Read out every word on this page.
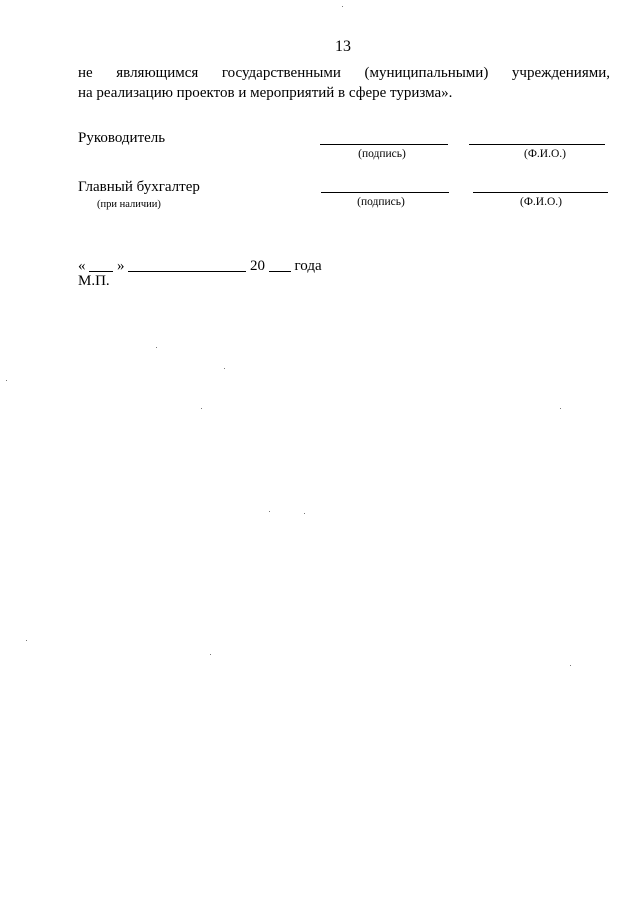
13
не являющимся государственными (муниципальными) учреждениями,
на реализацию проектов и мероприятий в сфере туризма».
Руководитель
(подпись)	(Ф.И.О.)
Главный бухгалтер
(при наличии)	(подпись)	(Ф.И.О.)
« »	20 года
М.П.
